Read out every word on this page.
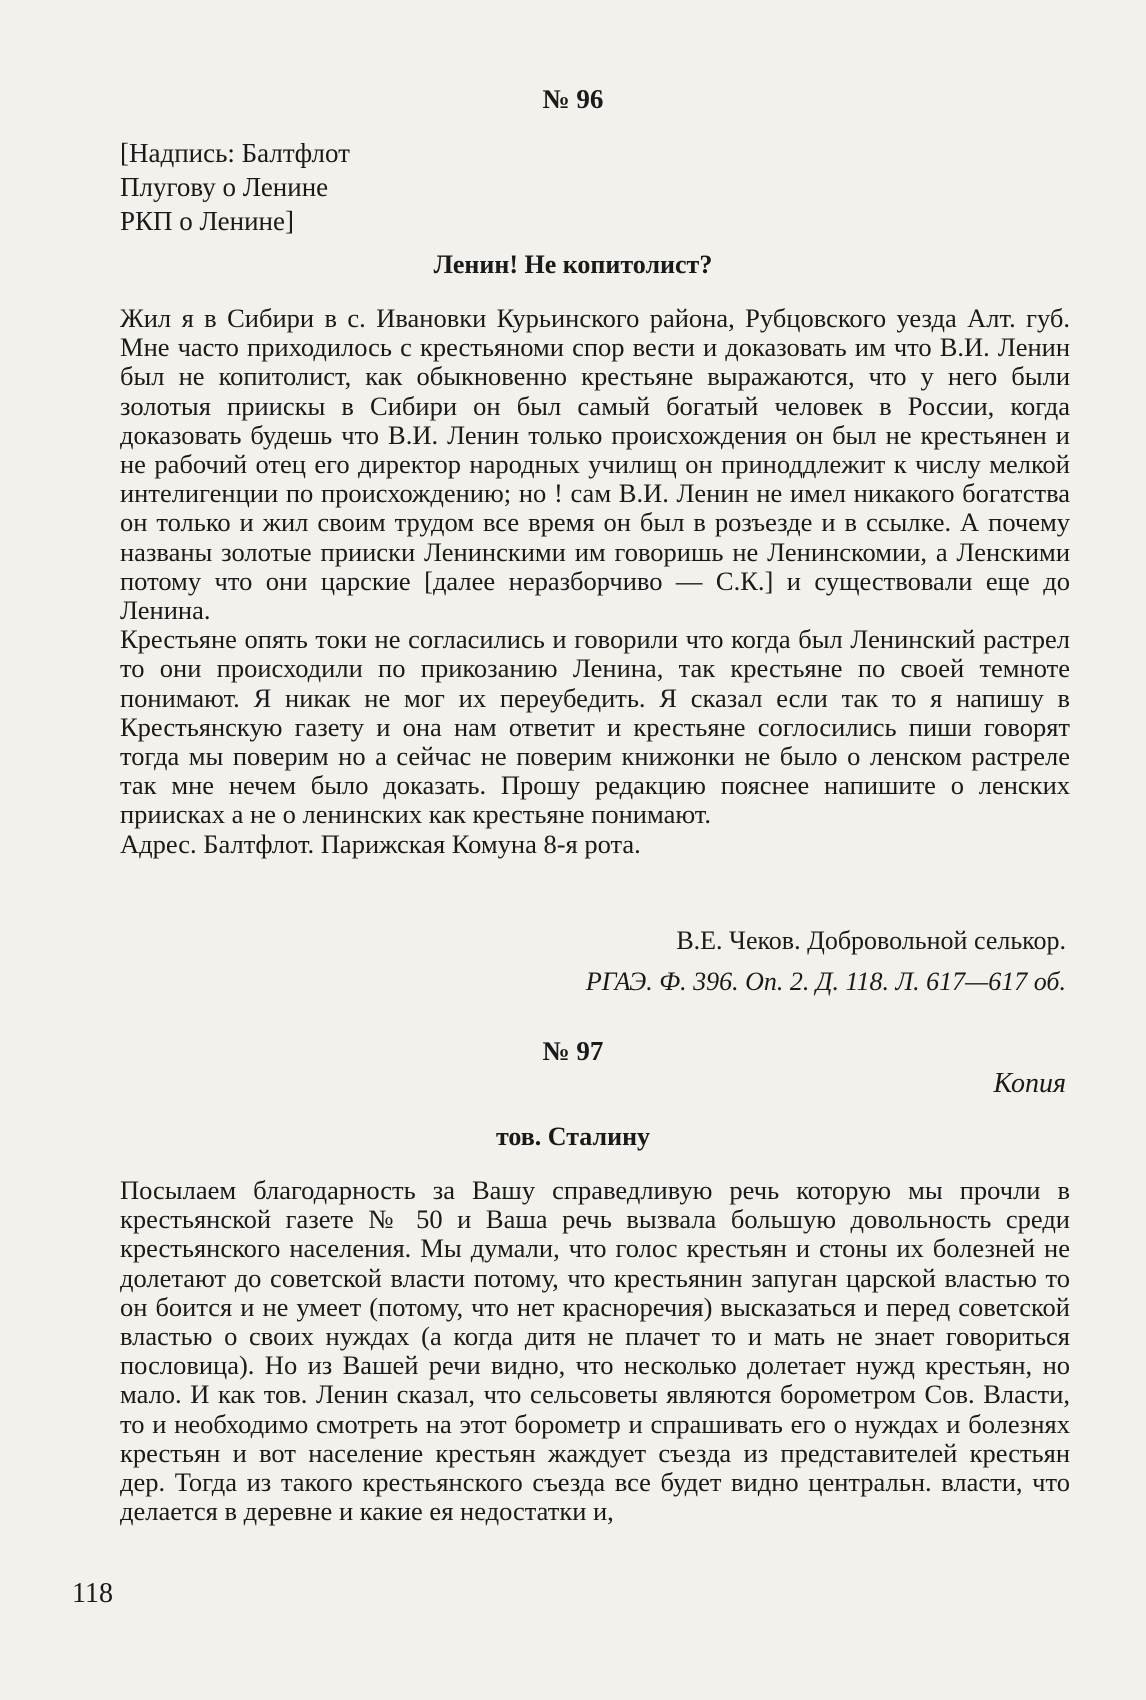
№ 96
[Надпись: Балтфлот
Плугову о Ленине
РКП о Ленине]
Ленин! Не копитолист?

Жил я в Сибири в с. Ивановки Курьинского района, Рубцовского уезда Алт. губ. Мне часто приходилось с крестьяноми спор вести и доказовать им что В.И. Ленин был не копитолист, как обыкновенно крестьяне выражаются, что у него были золотыя приискы в Сибири он был самый богатый человек в России, когда доказовать будешь что В.И. Ленин только происхождения он был не крестьянен и не рабочий отец его директор народных училищ он приноддлежит к числу мелкой интелигенции по происхождению; но ! сам В.И. Ленин не имел никакого богатства он только и жил своим трудом все время он был в розъезде и в ссылке. А почему названы золотые прииски Ленинскими им говоришь не Ленинскомии, а Ленскими потому что они царские [далее неразборчиво — С.К.] и существовали еще до Ленина.

Крестьяне опять токи не согласились и говорили что когда был Ленинский растрел то они происходили по прикозанию Ленина, так крестьяне по своей темноте понимают. Я никак не мог их переубедить. Я сказал если так то я напишу в Крестьянскую газету и она нам ответит и крестьяне соглосились пиши говорят тогда мы поверим но а сейчас не поверим книжонки не было о ленском растреле так мне нечем было доказать. Прошу редакцию пояснее напишите о ленских приисках а не о ленинских как крестьяне понимают.

Адрес. Балтфлот. Парижская Комуна 8-я рота.

В.Е. Чеков. Добровольной селькор.
РГАЭ. Ф. 396. Оп. 2. Д. 118. Л. 617—617 об.
№ 97
Копия
тов. Сталину

Посылаем благодарность за Вашу справедливую речь которую мы прочли в крестьянской газете № 50 и Ваша речь вызвала большую довольность среди крестьянского населения. Мы думали, что голос крестьян и стоны их болезней не долетают до советской власти потому, что крестьянин запуган царской властью то он боится и не умеет (потому, что нет красноречия) высказаться и перед советской властью о своих нуждах (а когда дитя не плачет то и мать не знает говориться пословица). Но из Вашей речи видно, что несколько долетает нужд крестьян, но мало. И как тов. Ленин сказал, что сельсоветы являются борометром Сов. Власти, то и необходимо смотреть на этот борометр и спрашивать его о нуждах и болезнях крестьян и вот население крестьян жаждует съезда из представителей крестьян дер. Тогда из такого крестьянского съезда все будет видно центральн. власти, что делается в деревне и какие ея недостатки и,

118
